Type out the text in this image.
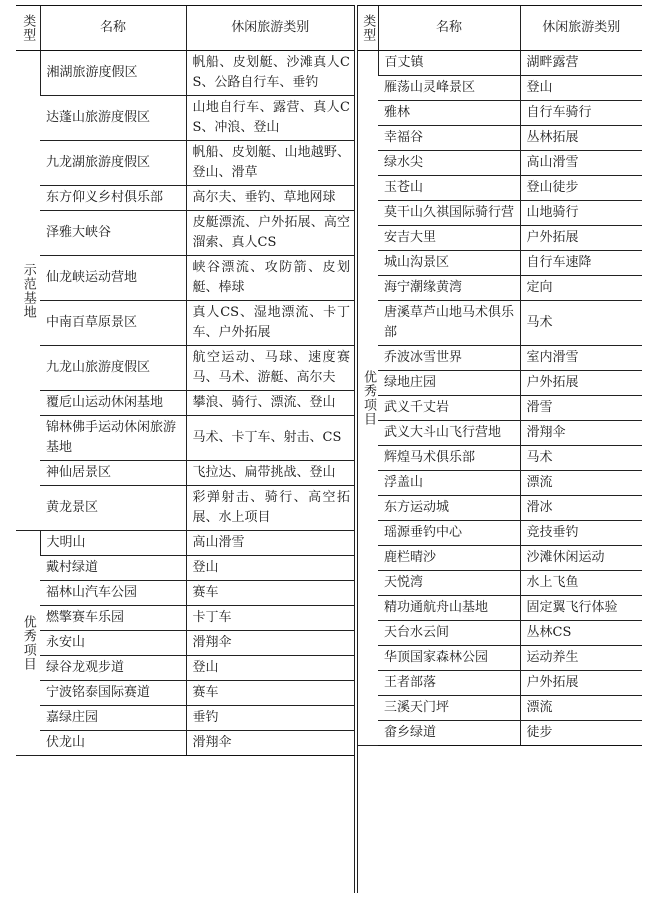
类型	名称	休闲旅游类别

示范基地	湘湖旅游度假区	帆船、皮划艇、沙滩真人CS、公路自行车、垂钓
	达蓬山旅游度假区	山地自行车、露营、真人CS、冲浪、登山
	九龙湖旅游度假区	帆船、皮划艇、山地越野、登山、滑草
	东方仰义乡村俱乐部	高尔夫、垂钓、草地网球
	泽雅大峡谷	皮艇漂流、户外拓展、高空溜索、真人CS
	仙龙峡运动营地	峡谷漂流、攻防箭、皮划艇、棒球
	中南百草原景区	真人CS、湿地漂流、卡丁车、户外拓展
	九龙山旅游度假区	航空运动、马球、速度赛马、马术、游艇、高尔夫
	覆卮山运动休闲基地	攀浪、骑行、漂流、登山
	锦林佛手运动休闲旅游基地	马术、卡丁车、射击、CS
	神仙居景区	飞拉达、扁带挑战、登山
	黄龙景区	彩弹射击、骑行、高空拓展、水上项目

优秀项目	大明山	高山滑雪
	戴村绿道	登山
	福林山汽车公园	赛车
	燃擎赛车乐园	卡丁车
	永安山	滑翔伞
	绿谷龙观步道	登山
	宁波铭泰国际赛道	赛车
	嘉绿庄园	垂钓
	伏龙山	滑翔伞
类型	名称	休闲旅游类别

优秀项目	百丈镇	湖畔露营
	雁荡山灵峰景区	登山
	雅林	自行车骑行
	幸福谷	丛林拓展
	绿水尖	高山滑雪
	玉苍山	登山徒步
	莫干山久祺国际骑行营	山地骑行
	安吉大里	户外拓展
	城山沟景区	自行车速降
	海宁潮缘黄湾	定向
	唐溪草芦山地马术俱乐部	马术
	乔波冰雪世界	室内滑雪
	绿地庄园	户外拓展
	武义千丈岩	滑雪
	武义大斗山飞行营地	滑翔伞
	辉煌马术俱乐部	马术
	浮盖山	漂流
	东方运动城	滑冰
	瑶源垂钓中心	竞技垂钓
	鹿栏晴沙	沙滩休闲运动
	天悦湾	水上飞鱼
	精功通航舟山基地	固定翼飞行体验
	天台水云间	丛林CS
	华顶国家森林公园	运动养生
	王者部落	户外拓展
	三溪天门坪	漂流
	畲乡绿道	徒步
